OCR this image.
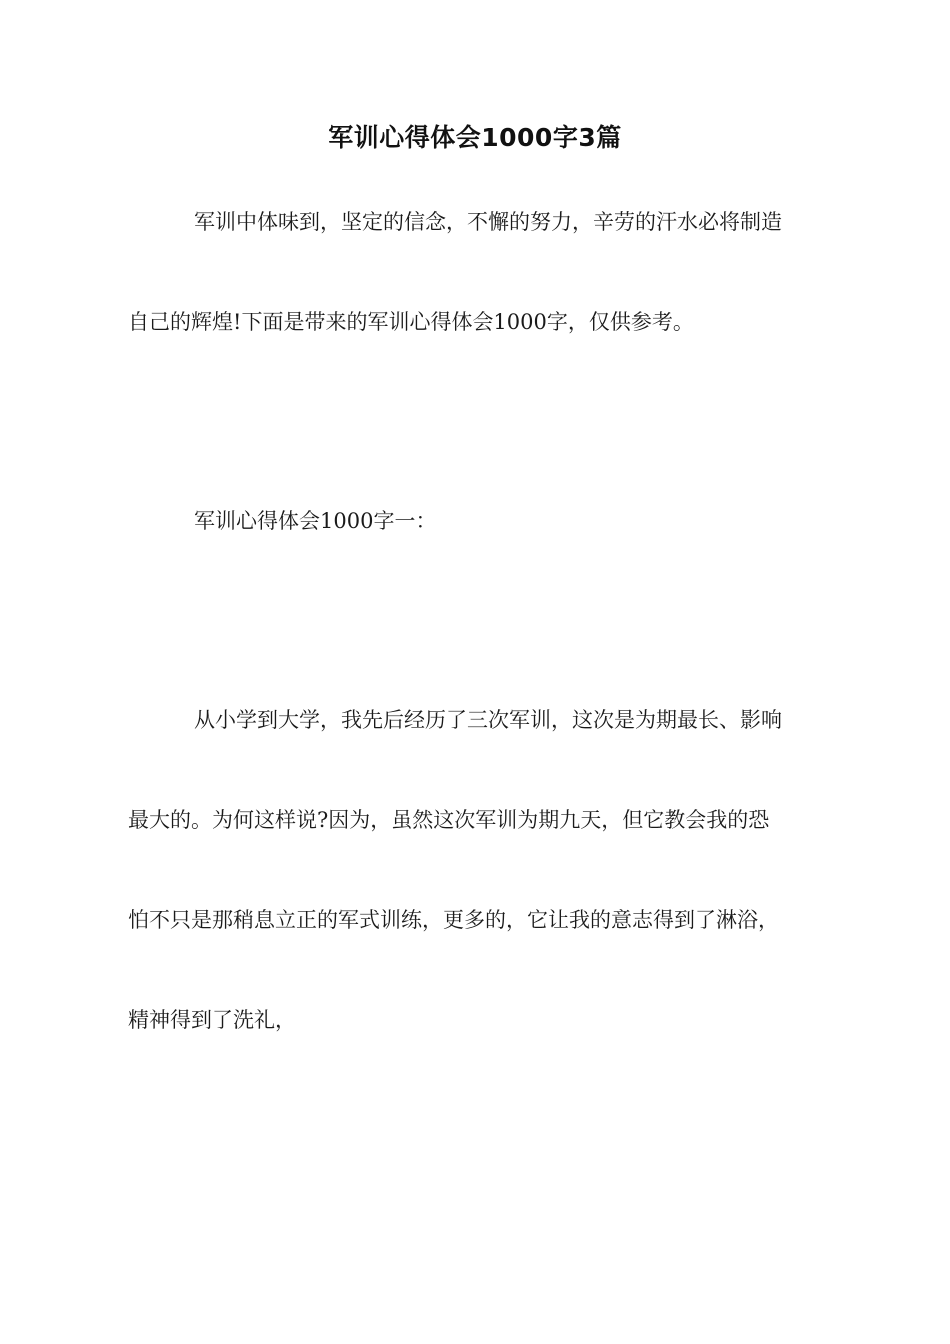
军训心得体会1000字3篇
军训中体味到，坚定的信念，不懈的努力，辛劳的汗水必将制造
自己的辉煌!下面是带来的军训心得体会1000字，仅供参考。
军训心得体会1000字一：
从小学到大学，我先后经历了三次军训，这次是为期最长、影响
最大的。为何这样说?因为，虽然这次军训为期九天，但它教会我的恐
怕不只是那稍息立正的军式训练，更多的，它让我的意志得到了淋浴，
精神得到了洗礼，
